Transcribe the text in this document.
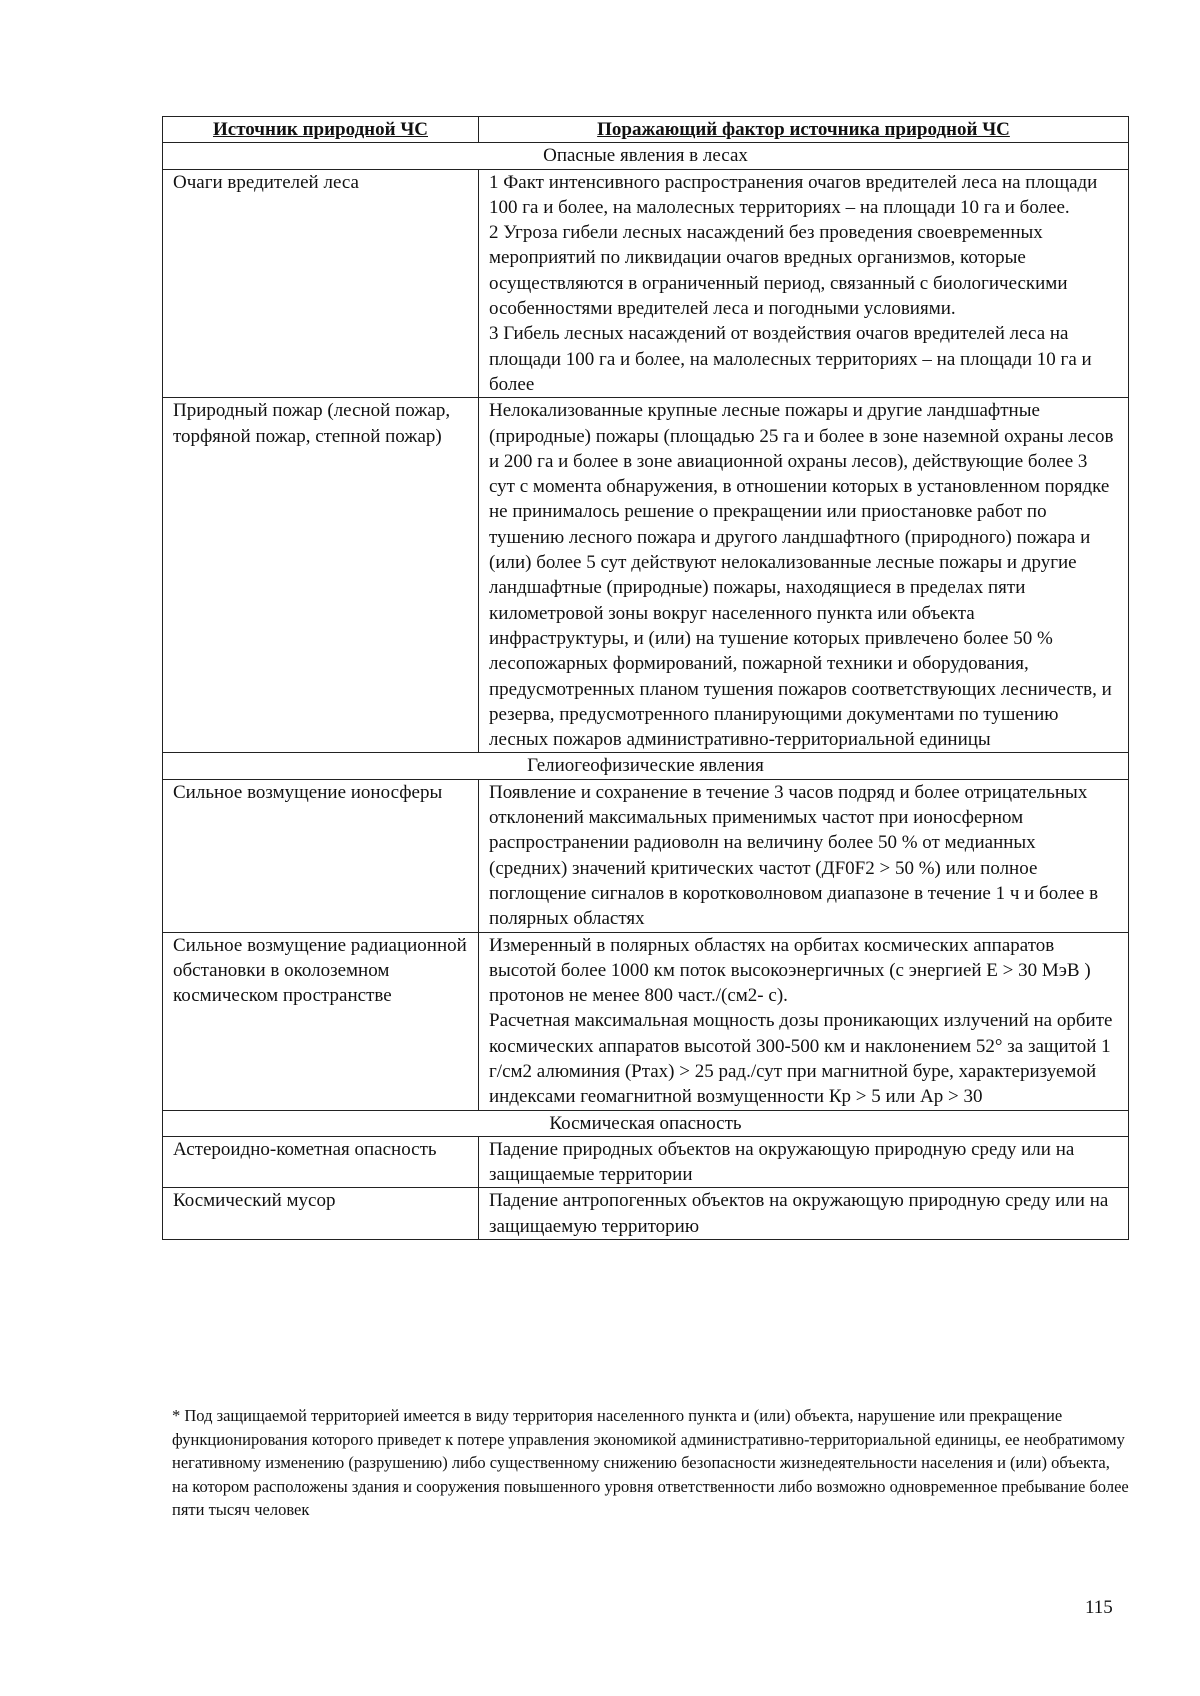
Источник природной ЧС	Поражающий фактор источника природной ЧС
Опасные явления в лесах	
Очаги вредителей леса	1 Факт интенсивного распространения очагов вредителей леса на площади 100 га и более, на малолесных территориях – на площади 10 га и более.
2 Угроза гибели лесных насаждений без проведения своевременных мероприятий по ликвидации очагов вредных организмов, которые осуществляются в ограниченный период, связанный с биологическими особенностями вредителей леса и погодными условиями.
3 Гибель лесных насаждений от воздействия очагов вредителей леса на площади 100 га и более, на малолесных территориях – на площади 10 га и более

Природный пожар (лесной пожар, торфяной пожар, степной пожар)	Нелокализованные крупные лесные пожары и другие ландшафтные (природные) пожары (площадью 25 га и более в зоне наземной охраны лесов и 200 га и более в зоне авиационной охраны лесов), действующие более 3 сут с момента обнаружения, в отношении которых в установленном порядке не принималось решение о прекращении или приостановке работ по тушению лесного пожара и другого ландшафтного (природного) пожара и (или) более 5 сут действуют нелокализованные лесные пожары и другие ландшафтные (природные) пожары, находящиеся в пределах пяти километровой зоны вокруг населенного пункта или объекта инфраструктуры, и (или) на тушение которых привлечено более 50 % лесопожарных формирований, пожарной техники и оборудования, предусмотренных планом тушения пожаров соответствующих лесничеств, и резерва, предусмотренного планирующими документами по тушению лесных пожаров административно-территориальной единицы

Гелиогеофизические явления	
Сильное возмущение ионосферы	Появление и сохранение в течение 3 часов подряд и более отрицательных отклонений максимальных применимых частот при ионосферном распространении радиоволн на величину более 50 % от медианных (средних) значений критических частот (ДF0F2 > 50 %) или полное поглощение сигналов в коротковолновом диапазоне в течение 1 ч и более в полярных областях

Сильное возмущение радиационной обстановки в околоземном космическом пространстве	Измеренный в полярных областях на орбитах космических аппаратов высотой более 1000 км поток высокоэнергичных (с энергией Е > 30 МэВ ) протонов не менее 800 част./(см2- с).
Расчетная максимальная мощность дозы проникающих излучений на орбите космических аппаратов высотой 300-500 км и наклонением 52° за защитой 1 г/см2 алюминия (Ртах) > 25 рад./сут при магнитной буре, характеризуемой индексами геомагнитной возмущенности Кр > 5 или Ар > 30

Космическая опасность	
Астероидно-кометная опасность	Падение природных объектов на окружающую природную среду или на защищаемые территории

Космический мусор	Падение антропогенных объектов на окружающую природную среду или на защищаемую территорию
* Под защищаемой территорией имеется в виду территория населенного пункта и (или) объекта, нарушение или прекращение функционирования которого приведет к потере управления экономикой административно-территориальной единицы, ее необратимому негативному изменению (разрушению) либо существенному снижению безопасности жизнедеятельности населения и (или) объекта, на котором расположены здания и сооружения повышенного уровня ответственности либо возможно одновременное пребывание более пяти тысяч человек
115
